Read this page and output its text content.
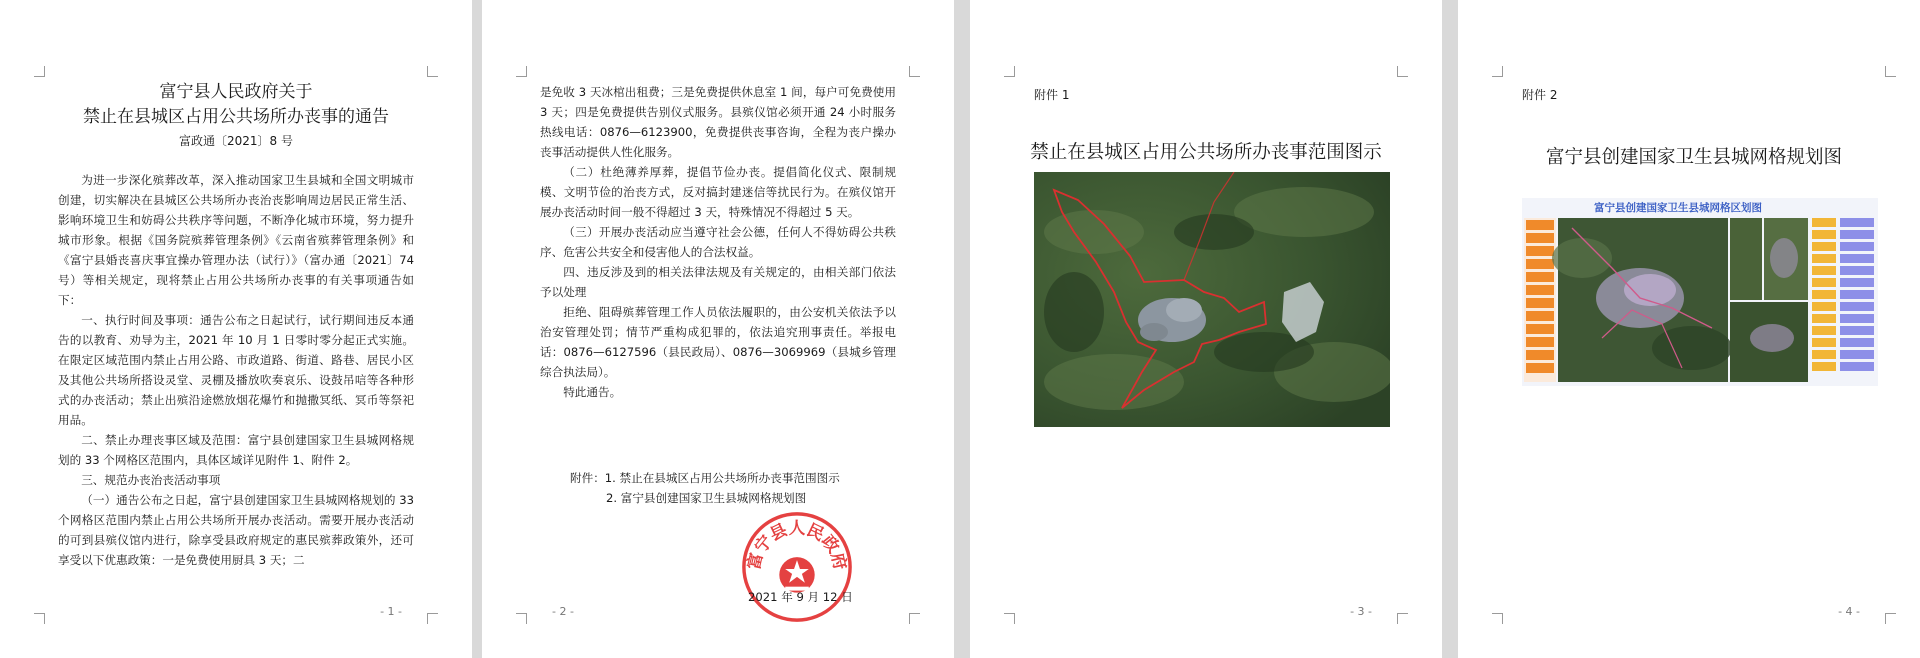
富宁县人民政府关于
禁止在县城区占用公共场所办丧事的通告
富政通〔2021〕8 号

为进一步深化殡葬改革，深入推动国家卫生县城和全国文明城市创建，切实解决在县城区公共场所办丧治丧影响周边居民正常生活、影响环境卫生和妨碍公共秩序等问题，不断净化城市环境，努力提升城市形象。根据《国务院殡葬管理条例》《云南省殡葬管理条例》和《富宁县婚丧喜庆事宜操办管理办法（试行）》（富办通〔2021〕74 号）等相关规定，现将禁止占用公共场所办丧事的有关事项通告如下：

一、执行时间及事项：通告公布之日起试行，试行期间违反本通告的以教育、劝导为主，2021 年 10 月 1 日零时零分起正式实施。在限定区域范围内禁止占用公路、市政道路、街道、路巷、居民小区及其他公共场所搭设灵堂、灵棚及播放吹奏哀乐、设鼓吊唁等各种形式的办丧活动；禁止出殡沿途燃放烟花爆竹和抛撒冥纸、冥币等祭祀用品。

二、禁止办理丧事区域及范围：富宁县创建国家卫生县城网格规划的 33 个网格区范围内，具体区域详见附件 1、附件 2。

三、规范办丧治丧活动事项

（一）通告公布之日起，富宁县创建国家卫生县城网格规划的 33 个网格区范围内禁止占用公共场所开展办丧活动。需要开展办丧活动的可到县殡仪馆内进行，除享受县政府规定的惠民殡葬政策外，还可享受以下优惠政策：一是免费使用厨具 3 天；二

- 1 -

是免收 3 天冰棺出租费；三是免费提供休息室 1 间，每户可免费使用 3 天；四是免费提供告别仪式服务。县殡仪馆必须开通 24 小时服务热线电话：0876—6123900，免费提供丧事咨询，全程为丧户操办丧事活动提供人性化服务。

（二）杜绝薄养厚葬，提倡节俭办丧。提倡简化仪式、限制规模、文明节俭的治丧方式，反对搞封建迷信等扰民行为。在殡仪馆开展办丧活动时间一般不得超过 3 天，特殊情况不得超过 5 天。

（三）开展办丧活动应当遵守社会公德，任何人不得妨碍公共秩序、危害公共安全和侵害他人的合法权益。

四、违反涉及到的相关法律法规及有关规定的，由相关部门依法予以处理

拒绝、阻碍殡葬管理工作人员依法履职的，由公安机关依法予以治安管理处罚；情节严重构成犯罪的，依法追究刑事责任。举报电话：0876—6127596（县民政局）、0876—3069969（县城乡管理综合执法局）。

特此通告。

附件：1. 禁止在县城区占用公共场所办丧事范围图示
2. 富宁县创建国家卫生县城网格规划图
富宁县人民政府
2021 年 9 月 12 日
- 2 -
附件 1
禁止在县城区占用公共场所办丧事范围图示
- 3 -
附件 2
富宁县创建国家卫生县城网格规划图
富宁县创建国家卫生县城网格区划图
- 4 -
